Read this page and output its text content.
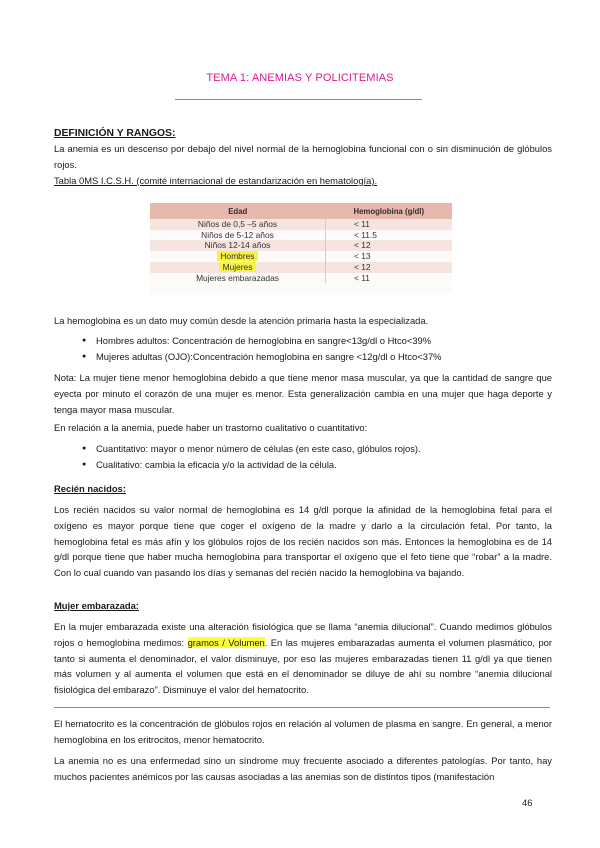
TEMA 1: ANEMIAS Y POLICITEMIAS

DEFINICIÓN Y RANGOS:

La anemia es un descenso por debajo del nivel normal de la hemoglobina funcional con o sin disminución de glóbulos rojos.

Tabla 0MS I.C.S.H. (comité internacional de estandarización en hematología).

Edad	Hemoglobina (g/dl)
Niños de 0,5 –5 años	< 11
Niños de 5-12 años	< 11.5
Niños 12-14 años	< 12
Hombres	< 13
Mujeres	< 12
Mujeres embarazadas	< 11

La hemoglobina es un dato muy común desde la atención primaria hasta la especializada.

● Hombres adultos: Concentración de hemoglobina en sangre<13g/dl o Htco<39%
● Mujeres adultas (OJO):Concentración hemoglobina en sangre <12g/dl o Htco<37%

Nota: La mujer tiene menor hemoglobina debido a que tiene menor masa muscular, ya que la cantidad de sangre que eyecta por minuto el corazón de una mujer es menor. Esta generalización cambia en una mujer que haga deporte y tenga mayor masa muscular.

En relación a la anemia, puede haber un trastorno cualitativo o cuantitativo:

● Cuantitativo: mayor o menor número de células (en este caso, glóbulos rojos).
● Cualitativo: cambia la eficacia y/o la actividad de la célula.

Recién nacidos:

Los recién nacidos su valor normal de hemoglobina es 14 g/dl porque la afinidad de la hemoglobina fetal para el oxígeno es mayor porque tiene que coger el oxígeno de la madre y darlo a la circulación fetal. Por tanto, la hemoglobina fetal es más afín y los glóbulos rojos de los recién nacidos son más. Entonces la hemoglobina es de 14 g/dl porque tiene que haber mucha hemoglobina para transportar el oxígeno que el feto tiene que “robar” a la madre. Con lo cual cuando van pasando los días y semanas del recién nacido la hemoglobina va bajando.

Mujer embarazada:

En la mujer embarazada existe una alteración fisiológica que se llama “anemia dilucional”. Cuando medimos glóbulos rojos o hemoglobina medimos: gramos / Volumen. En las mujeres embarazadas aumenta el volumen plasmático, por tanto si aumenta el denominador, el valor disminuye, por eso las mujeres embarazadas tienen 11 g/dl ya que tienen más volumen y al aumenta el volumen que está en el denominador se diluye de ahí su nombre “anemia dilucional fisiológica del embarazo”. Disminuye el valor del hematocrito.

El hematocrito es la concentración de glóbulos rojos en relación al volumen de plasma en sangre. En general, a menor hemoglobina en los eritrocitos, menor hematocrito.

La anemia no es una enfermedad sino un síndrome muy frecuente asociado a diferentes patologías. Por tanto, hay muchos pacientes anémicos por las causas asociadas a las anemias son de distintos tipos (manifestación

46
